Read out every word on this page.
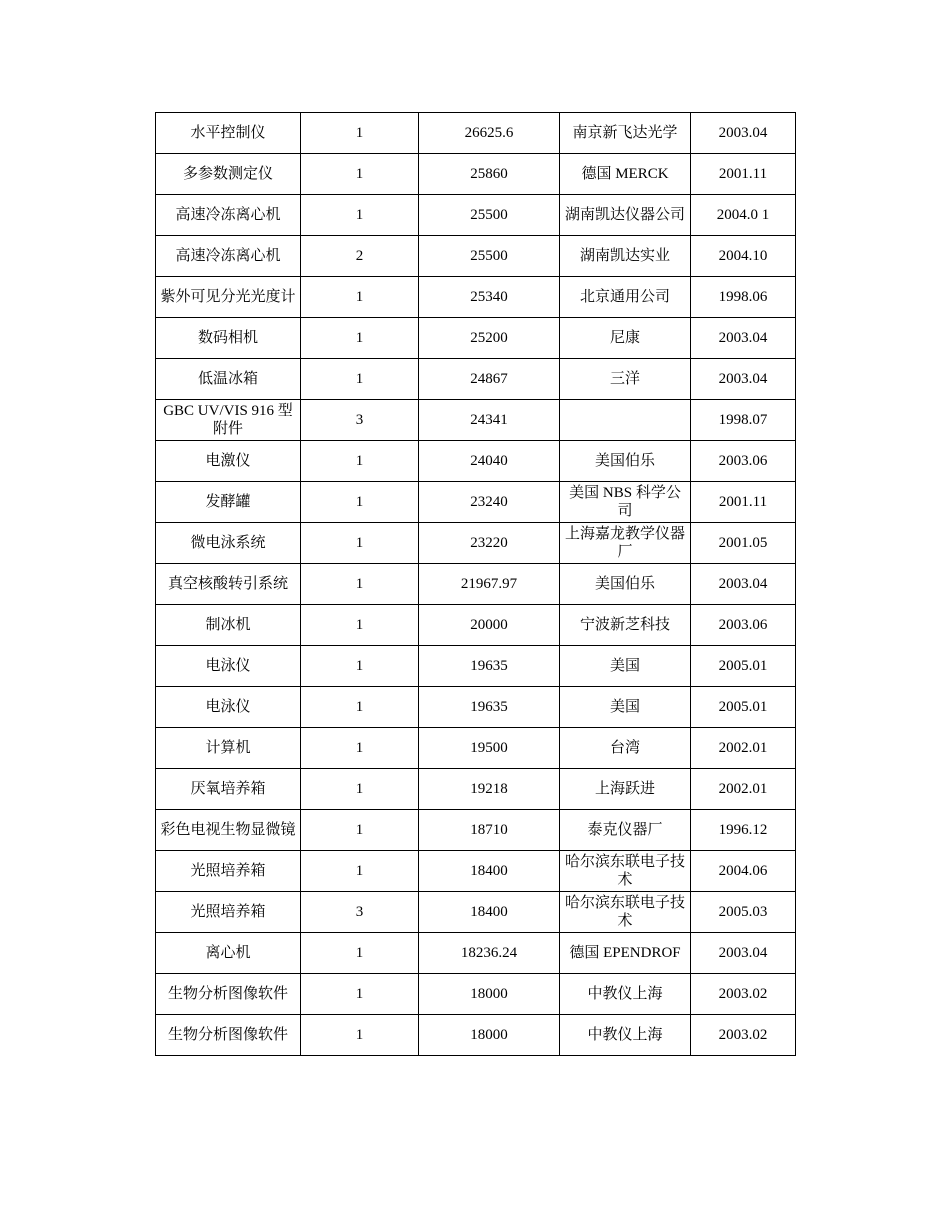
水平控制仪	1	26625.6	南京新飞达光学	2003.04
多参数测定仪	1	25860	德国 MERCK	2001.11
高速冷冻离心机	1	25500	湖南凯达仪器公司	2004.0 1
高速冷冻离心机	2	25500	湖南凯达实业	2004.10
紫外可见分光光度计	1	25340	北京通用公司	1998.06
数码相机	1	25200	尼康	2003.04
低温冰箱	1	24867	三洋	2003.04
GBC UV/VIS 916 型附件	3	24341		1998.07
电激仪	1	24040	美国伯乐	2003.06
发酵罐	1	23240	美国 NBS 科学公司	2001.11
微电泳系统	1	23220	上海嘉龙教学仪器厂	2001.05
真空核酸转引系统	1	21967.97	美国伯乐	2003.04
制冰机	1	20000	宁波新芝科技	2003.06
电泳仪	1	19635	美国	2005.01
电泳仪	1	19635	美国	2005.01
计算机	1	19500	台湾	2002.01
厌氧培养箱	1	19218	上海跃进	2002.01
彩色电视生物显微镜	1	18710	泰克仪器厂	1996.12
光照培养箱	1	18400	哈尔滨东联电子技术	2004.06
光照培养箱	3	18400	哈尔滨东联电子技术	2005.03
离心机	1	18236.24	德国 EPENDROF	2003.04
生物分析图像软件	1	18000	中教仪上海	2003.02
生物分析图像软件	1	18000	中教仪上海	2003.02
